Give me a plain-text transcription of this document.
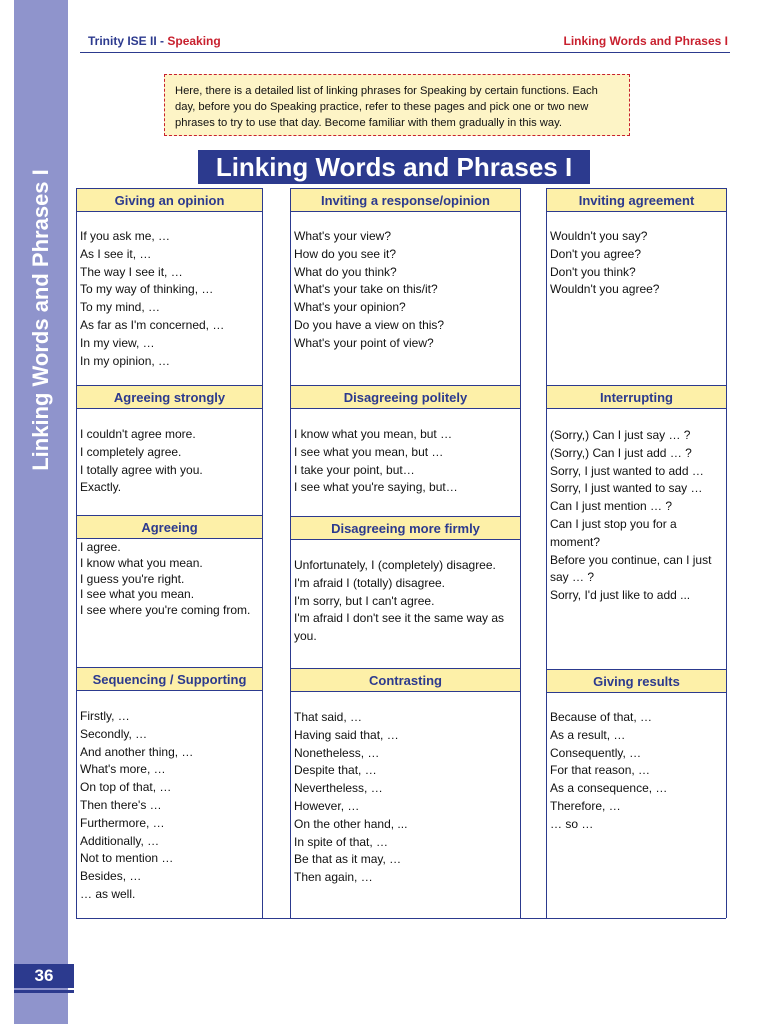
Linking Words and Phrases I
36
Trinity ISE II - Speaking	Linking Words and Phrases I
Here, there is a detailed list of linking phrases for Speaking by certain functions. Each day, before you do Speaking practice, refer to these pages and pick one or two new phrases to try to use that day. Become familiar with them gradually in this way.
Linking Words and Phrases I
Giving an opinion
If you ask me, …
As I see it, …
The way I see it, …
To my way of thinking, …
To my mind, …
As far as I'm concerned, …
In my view, …
In my opinion, …
Agreeing strongly
I couldn't agree more.
I completely agree.
I totally agree with you.
Exactly.
Agreeing
I agree.
I know what you mean.
I guess you're right.
I see what you mean.
I see where you're coming from.
Sequencing / Supporting
Firstly, …
Secondly, …
And another thing, …
What's more, …
On top of that, …
Then there's …
Furthermore, …
Additionally, …
Not to mention …
Besides, …
… as well.
Inviting a response/opinion
What's your view?
How do you see it?
What do you think?
What's your take on this/it?
What's your opinion?
Do you have a view on this?
What's your point of view?
Disagreeing politely
I know what you mean, but …
I see what you mean, but …
I take your point, but…
I see what you're saying, but…
Disagreeing more firmly
Unfortunately, I (completely) disagree.
I'm afraid I (totally) disagree.
I'm sorry, but I can't agree.
I'm afraid I don't see it the same way as you.
Contrasting
That said, …
Having said that, …
Nonetheless, …
Despite that, …
Nevertheless, …
However, …
On the other hand, ...
In spite of that, …
Be that as it may, …
Then again, …
Inviting agreement
Wouldn't you say?
Don't you agree?
Don't you think?
Wouldn't you agree?
Interrupting
(Sorry,) Can I just say … ?
(Sorry,) Can I just add … ?
Sorry, I just wanted to add …
Sorry, I just wanted to say …
Can I just mention … ?
Can I just stop you for a moment?
Before you continue, can I just say … ?
Sorry, I'd just like to add ...
Giving results
Because of that, …
As a result, …
Consequently, …
For that reason, …
As a consequence, …
Therefore, …
… so …
